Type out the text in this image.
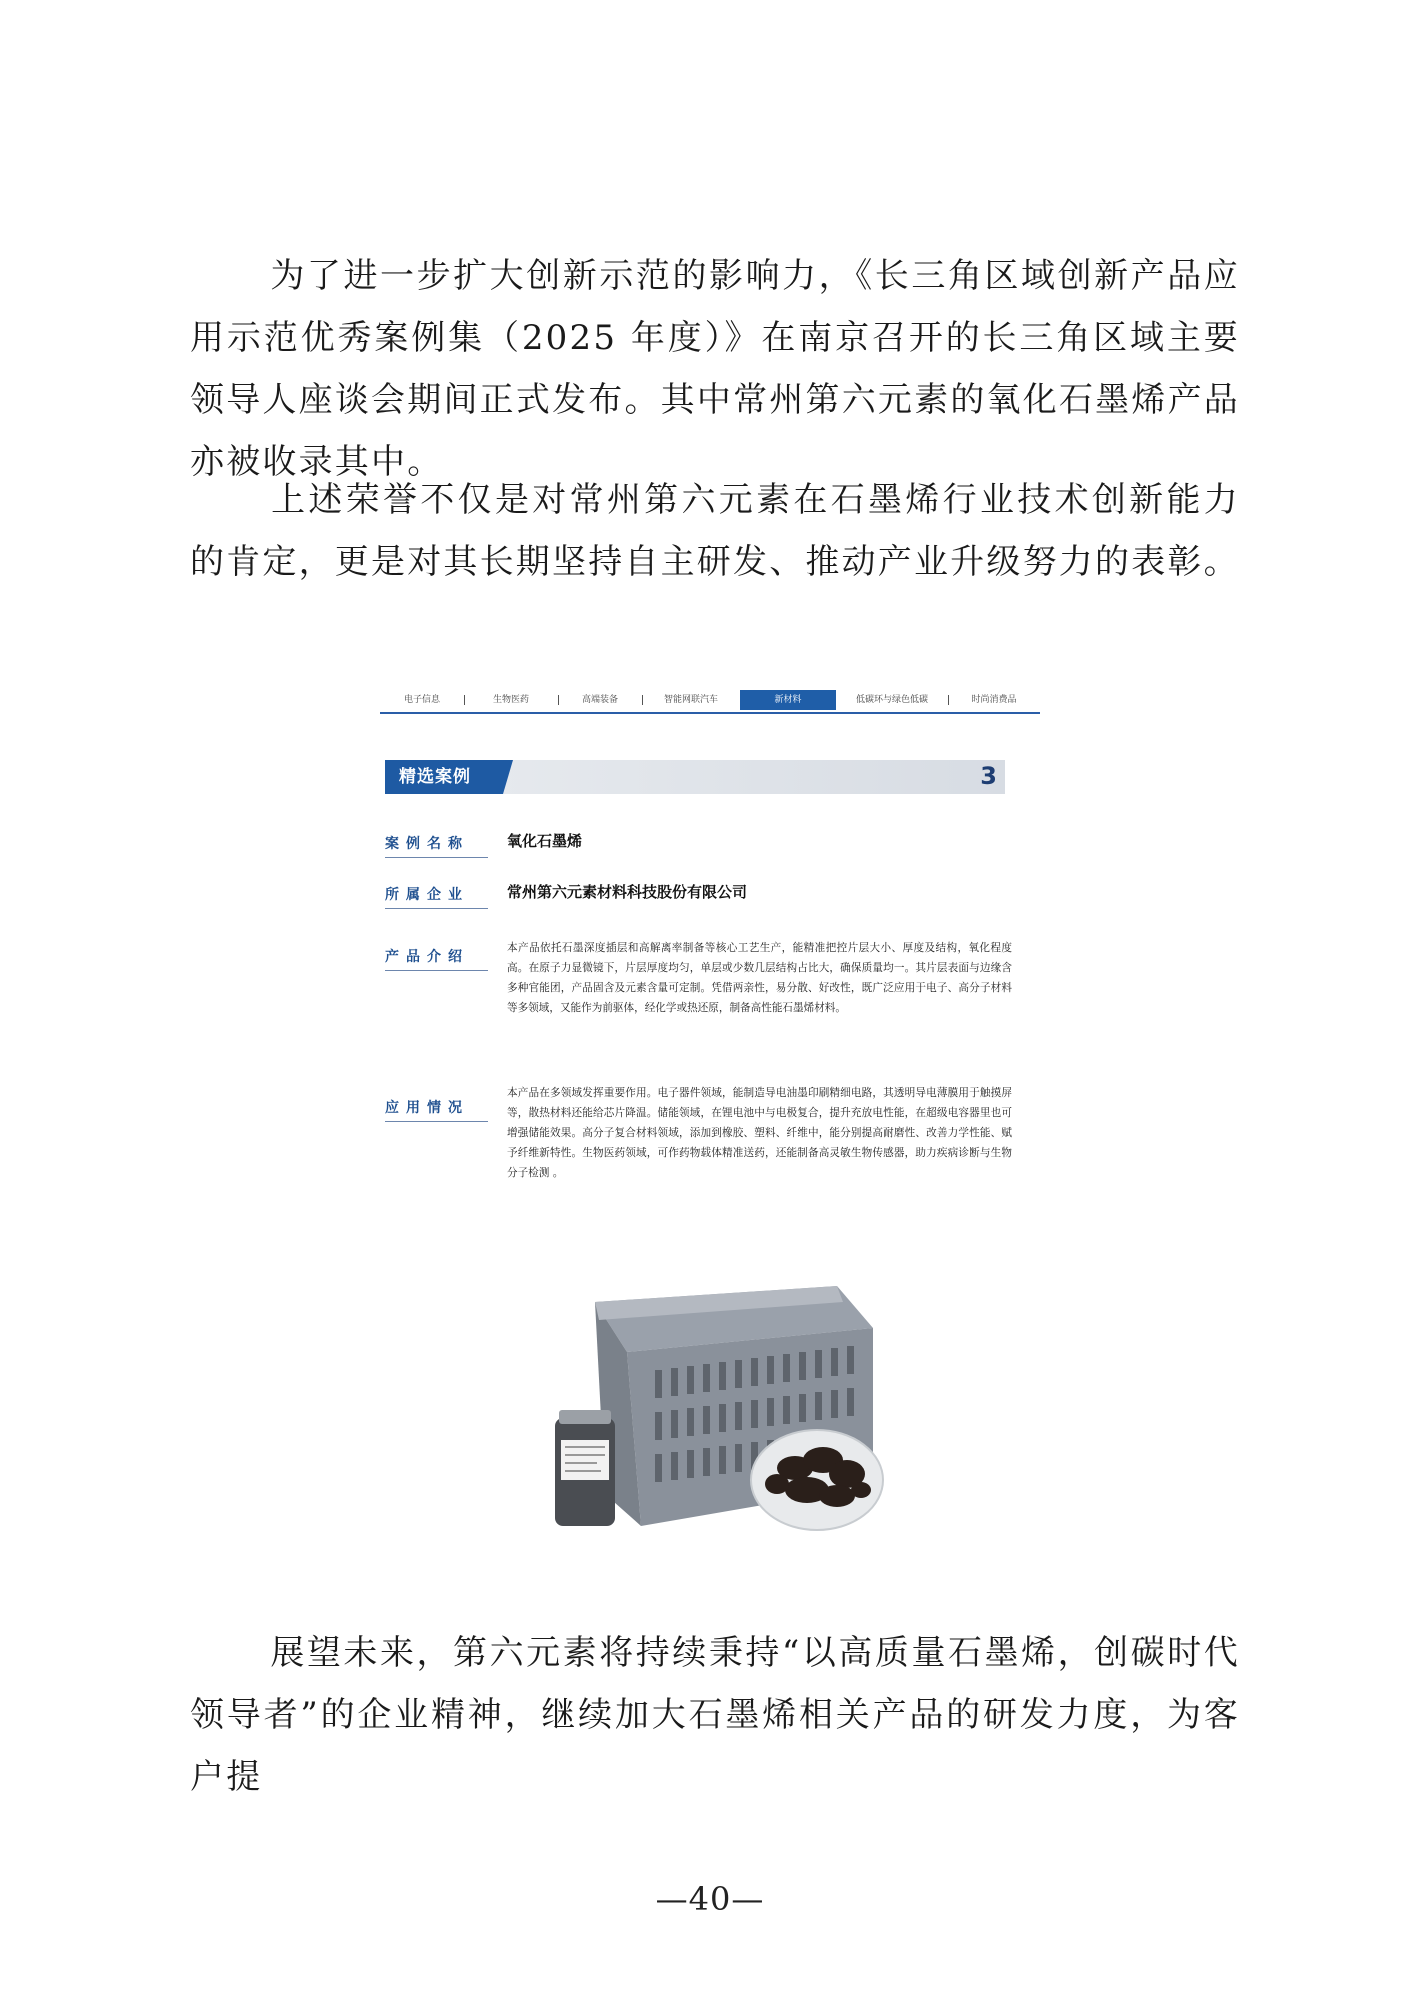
为了进一步扩大创新示范的影响力，《长三角区域创新产品应用示范优秀案例集（2025 年度）》在南京召开的长三角区域主要领导人座谈会期间正式发布。其中常州第六元素的氧化石墨烯产品亦被收录其中。

上述荣誉不仅是对常州第六元素在石墨烯行业技术创新能力的肯定，更是对其长期坚持自主研发、推动产业升级努力的表彰。

电子信息	生物医药	高端装备	智能网联汽车	新材料	低碳环与绿色低碳	时尚消费品
精选案例	3
案例名称	氧化石墨烯
所属企业	常州第六元素材料科技股份有限公司
产品介绍

本产品依托石墨深度插层和高解离率制备等核心工艺生产，能精准把控片层大小、厚度及结构，氧化程度高。在原子力显微镜下，片层厚度均匀，单层或少数几层结构占比大，确保质量均一。其片层表面与边缘含多种官能团，产品固含及元素含量可定制。凭借两亲性，易分散、好改性，既广泛应用于电子、高分子材料等多领域，又能作为前驱体，经化学或热还原，制备高性能石墨烯材料。

应用情况

本产品在多领域发挥重要作用。电子器件领域，能制造导电油墨印刷精细电路，其透明导电薄膜用于触摸屏等，散热材料还能给芯片降温。储能领域，在锂电池中与电极复合，提升充放电性能，在超级电容器里也可增强储能效果。高分子复合材料领域，添加到橡胶、塑料、纤维中，能分别提高耐磨性、改善力学性能、赋予纤维新特性。生物医药领域，可作药物载体精准送药，还能制备高灵敏生物传感器，助力疾病诊断与生物分子检测 。

展望未来，第六元素将持续秉持“以高质量石墨烯，创碳时代领导者”的企业精神，继续加大石墨烯相关产品的研发力度，为客户提

—40—
